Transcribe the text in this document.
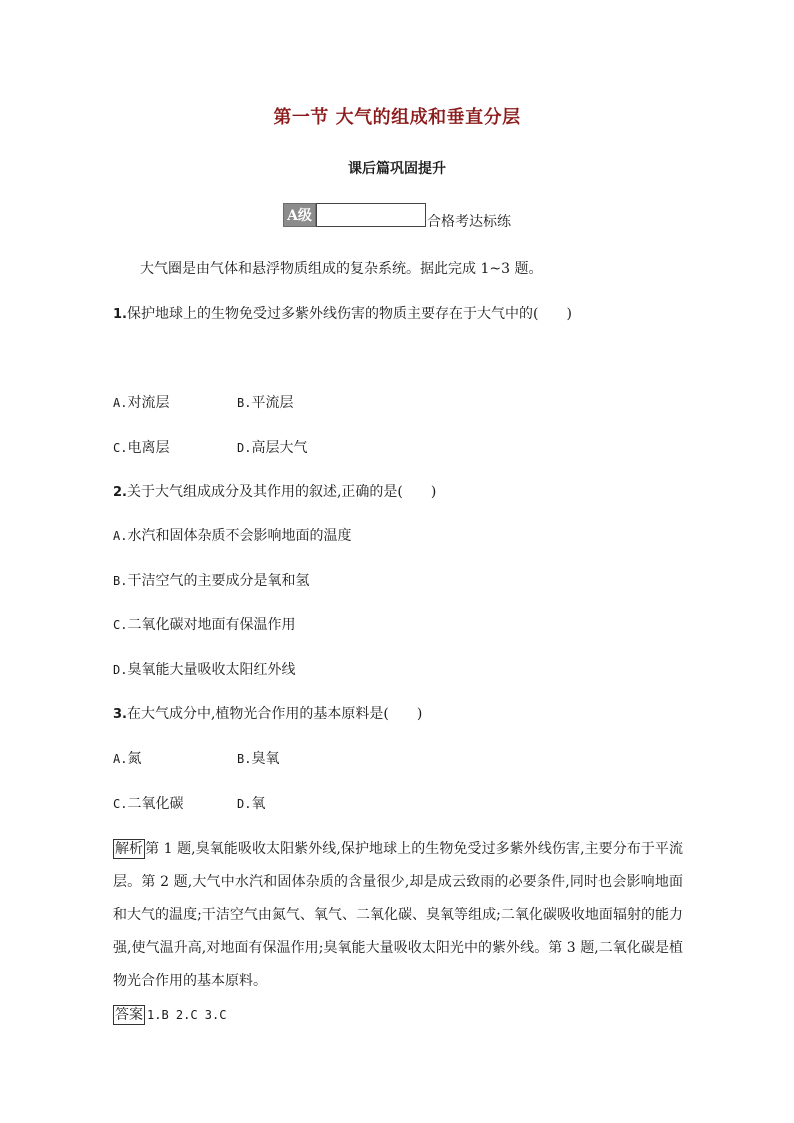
第一节 大气的组成和垂直分层
课后篇巩固提升
A级	合格考达标练
大气圈是由气体和悬浮物质组成的复杂系统。据此完成 1~3 题。
1.保护地球上的生物免受过多紫外线伤害的物质主要存在于大气中的(　　)
A.对流层	B.平流层
C.电离层	D.高层大气
2.关于大气组成成分及其作用的叙述,正确的是(　　)
A.水汽和固体杂质不会影响地面的温度
B.干洁空气的主要成分是氧和氢
C.二氧化碳对地面有保温作用
D.臭氧能大量吸收太阳红外线
3.在大气成分中,植物光合作用的基本原料是(　　)
A.氮	B.臭氧
C.二氧化碳	D.氧
解析 第 1 题,臭氧能吸收太阳紫外线,保护地球上的生物免受过多紫外线伤害,主要分布于平流层。第 2 题,大气中水汽和固体杂质的含量很少,却是成云致雨的必要条件,同时也会影响地面和大气的温度;干洁空气由氮气、氧气、二氧化碳、臭氧等组成;二氧化碳吸收地面辐射的能力强,使气温升高,对地面有保温作用;臭氧能大量吸收太阳光中的紫外线。第 3 题,二氧化碳是植物光合作用的基本原料。
答案 1.B 2.C 3.C
